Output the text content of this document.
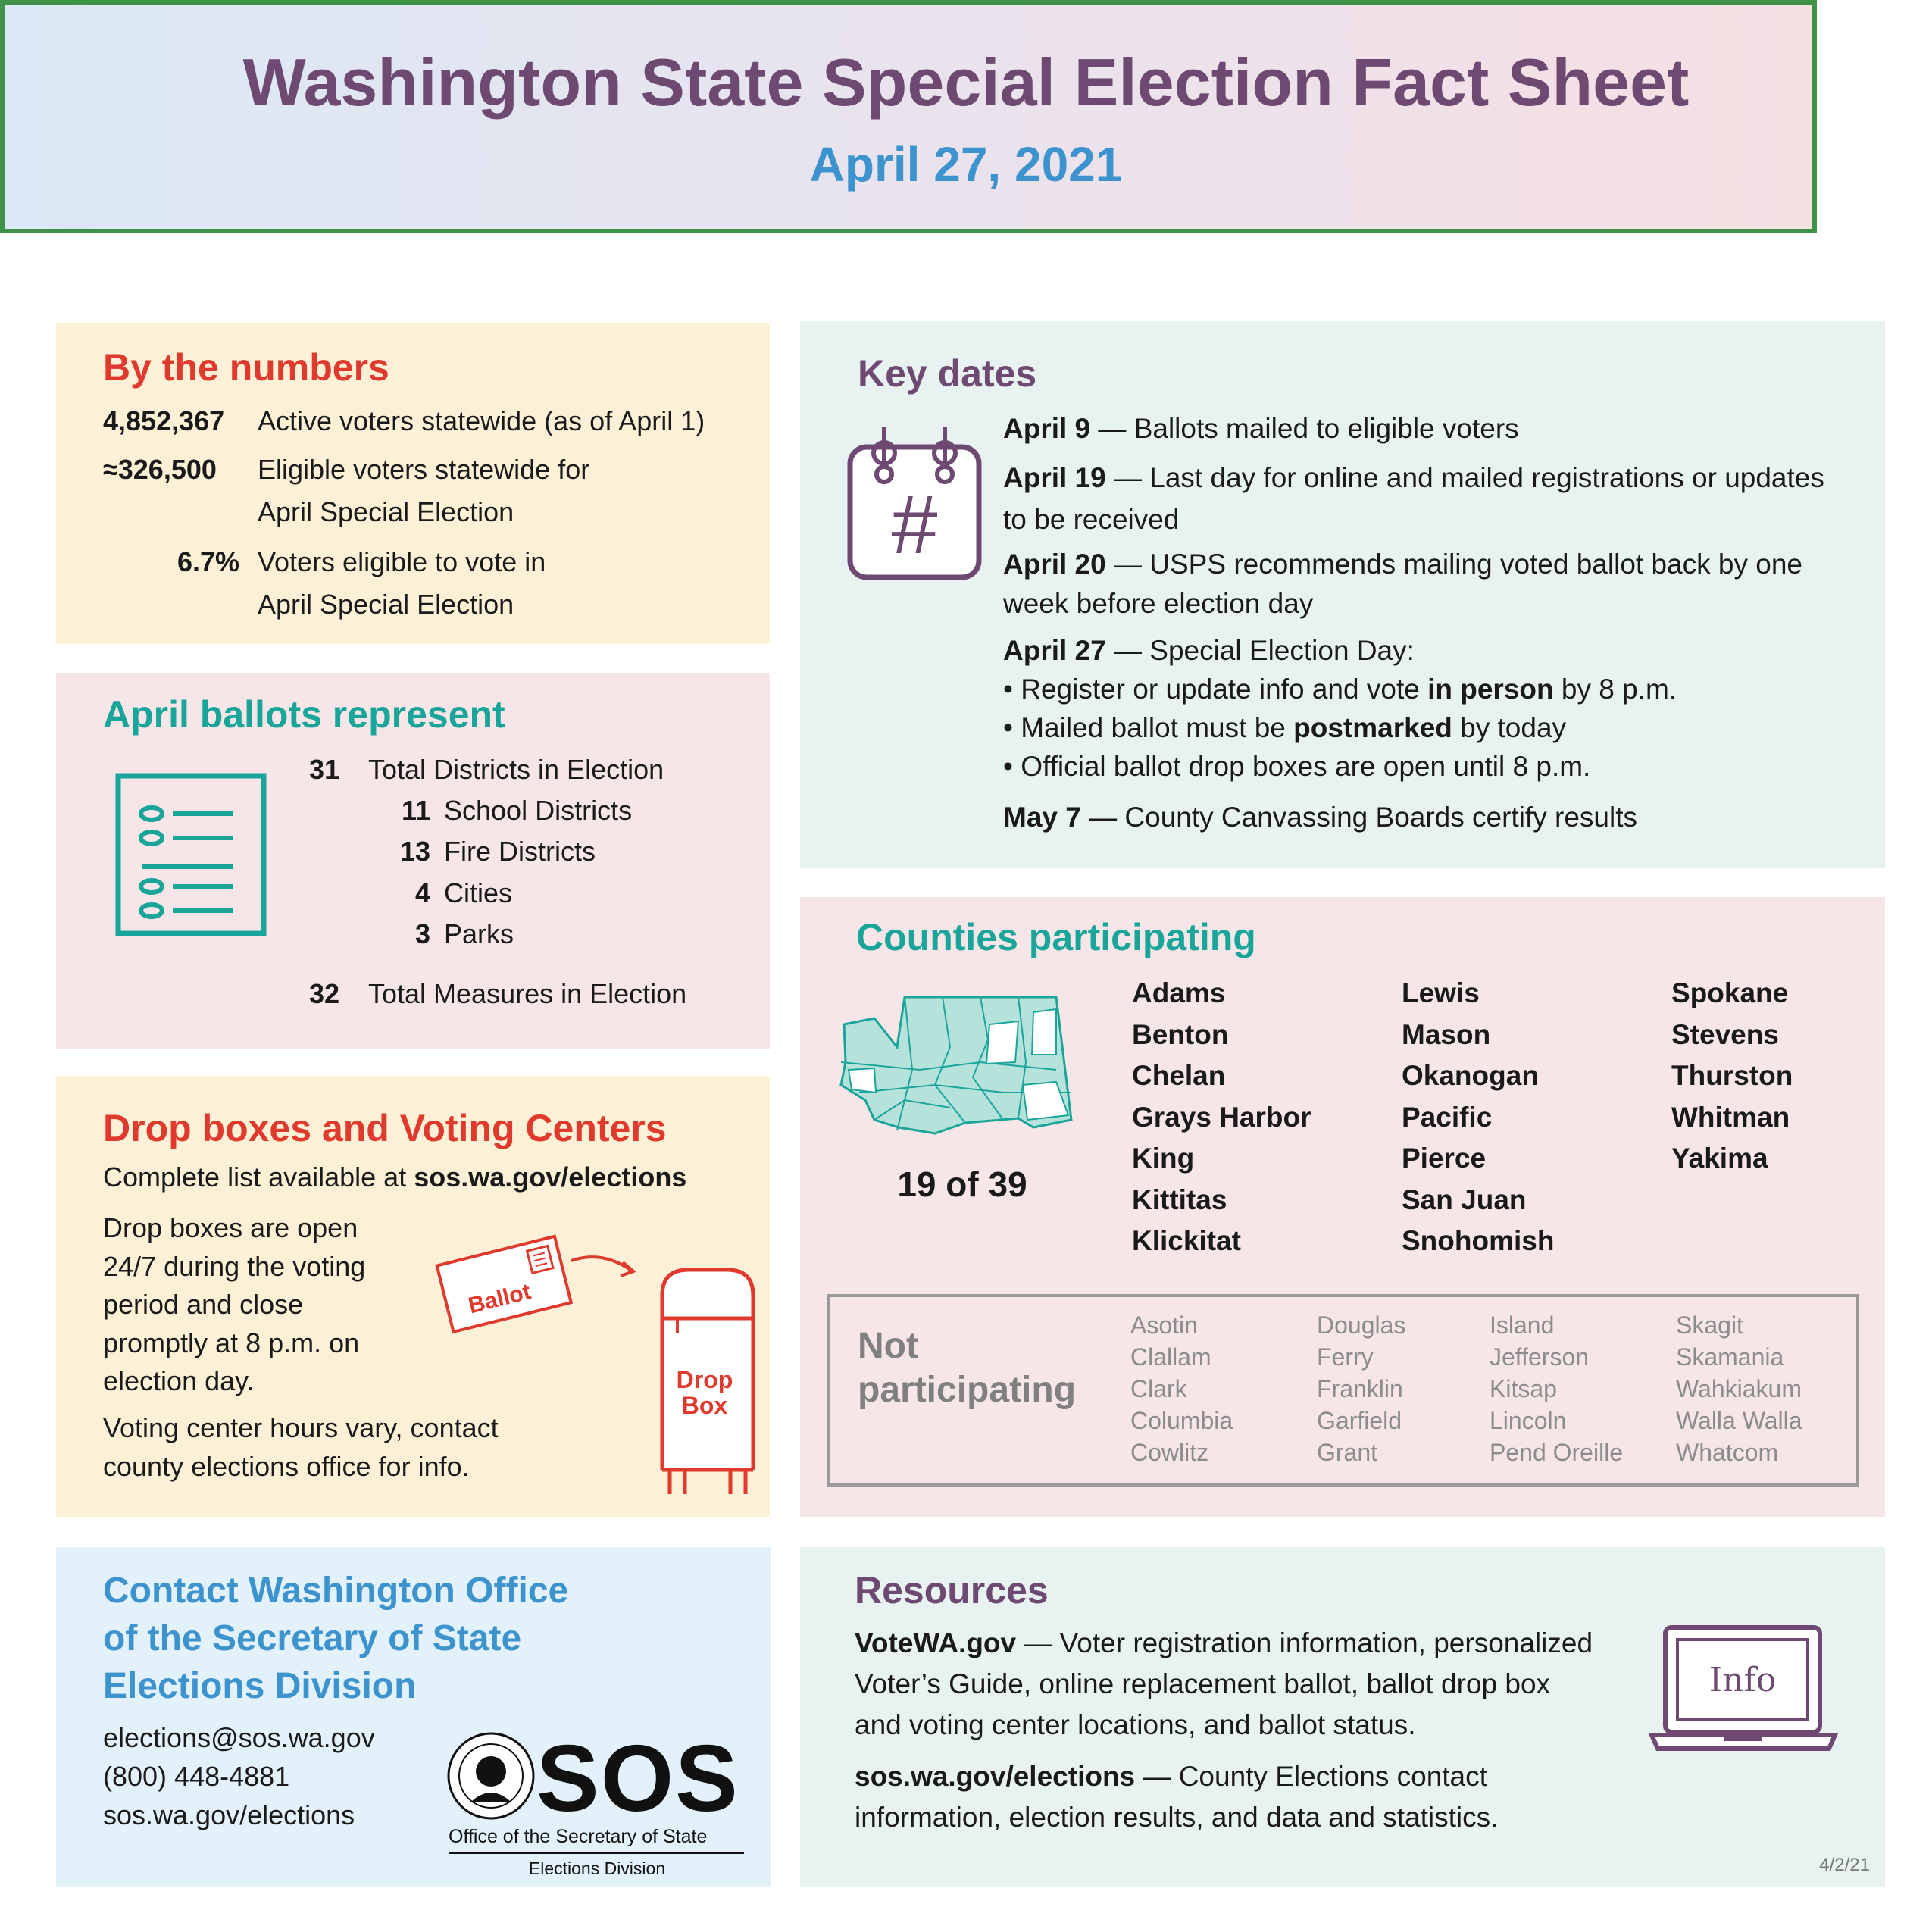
Washington State Special Election Fact Sheet
April 27, 2021
By the numbers
4,852,367	Active voters statewide (as of April 1)
≈326,500	Eligible voters statewide for
April Special Election
6.7% Voters eligible to vote in
April Special Election
April ballots represent
31 Total Districts in Election
11 School Districts
13 Fire Districts
4 Cities
3 Parks
32 Total Measures in Election
Drop boxes and Voting Centers
Complete list available at sos.wa.gov/elections
Drop boxes are open
24/7 during the voting
period and close
promptly at 8 p.m. on
election day.
Voting center hours vary, contact
county elections office for info.
Ballot
Drop
Box
Contact Washington Office
of the Secretary of State
Elections Division
elections@sos.wa.gov
(800) 448-4881
sos.wa.gov/elections SOS
Office of the Secretary of State
Elections Division
Key dates
#

April 9 — Ballots mailed to eligible voters

April 19 — Last day for online and mailed registrations or updates to be received

April 20 — USPS recommends mailing voted ballot back by one week before election day

April 27 — Special Election Day:

• Register or update info and vote in person by 8 p.m.

• Mailed ballot must be postmarked by today

• Official ballot drop boxes are open until 8 p.m.

May 7 — County Canvassing Boards certify results

Counties participating
19 of 39
Adams
Benton
Chelan
Grays Harbor
King
Kittitas
Klickitat
Lewis
Mason
Okanogan
Pacific
Pierce
San Juan
Snohomish
Spokane
Stevens
Thurston
Whitman
Yakima
Not
participating
Asotin
Clallam
Clark
Columbia
Cowlitz
Douglas
Ferry
Franklin
Garfield
Grant
Island
Jefferson
Kitsap
Lincoln
Pend Oreille
Skagit
Skamania
Wahkiakum
Walla Walla
Whatcom
Resources
VoteWA.gov — Voter registration information, personalized
Voter’s Guide, online replacement ballot, ballot drop box
and voting center locations, and ballot status.
sos.wa.gov/elections — County Elections contact
information, election results, and data and statistics.
Info
4/2/21
